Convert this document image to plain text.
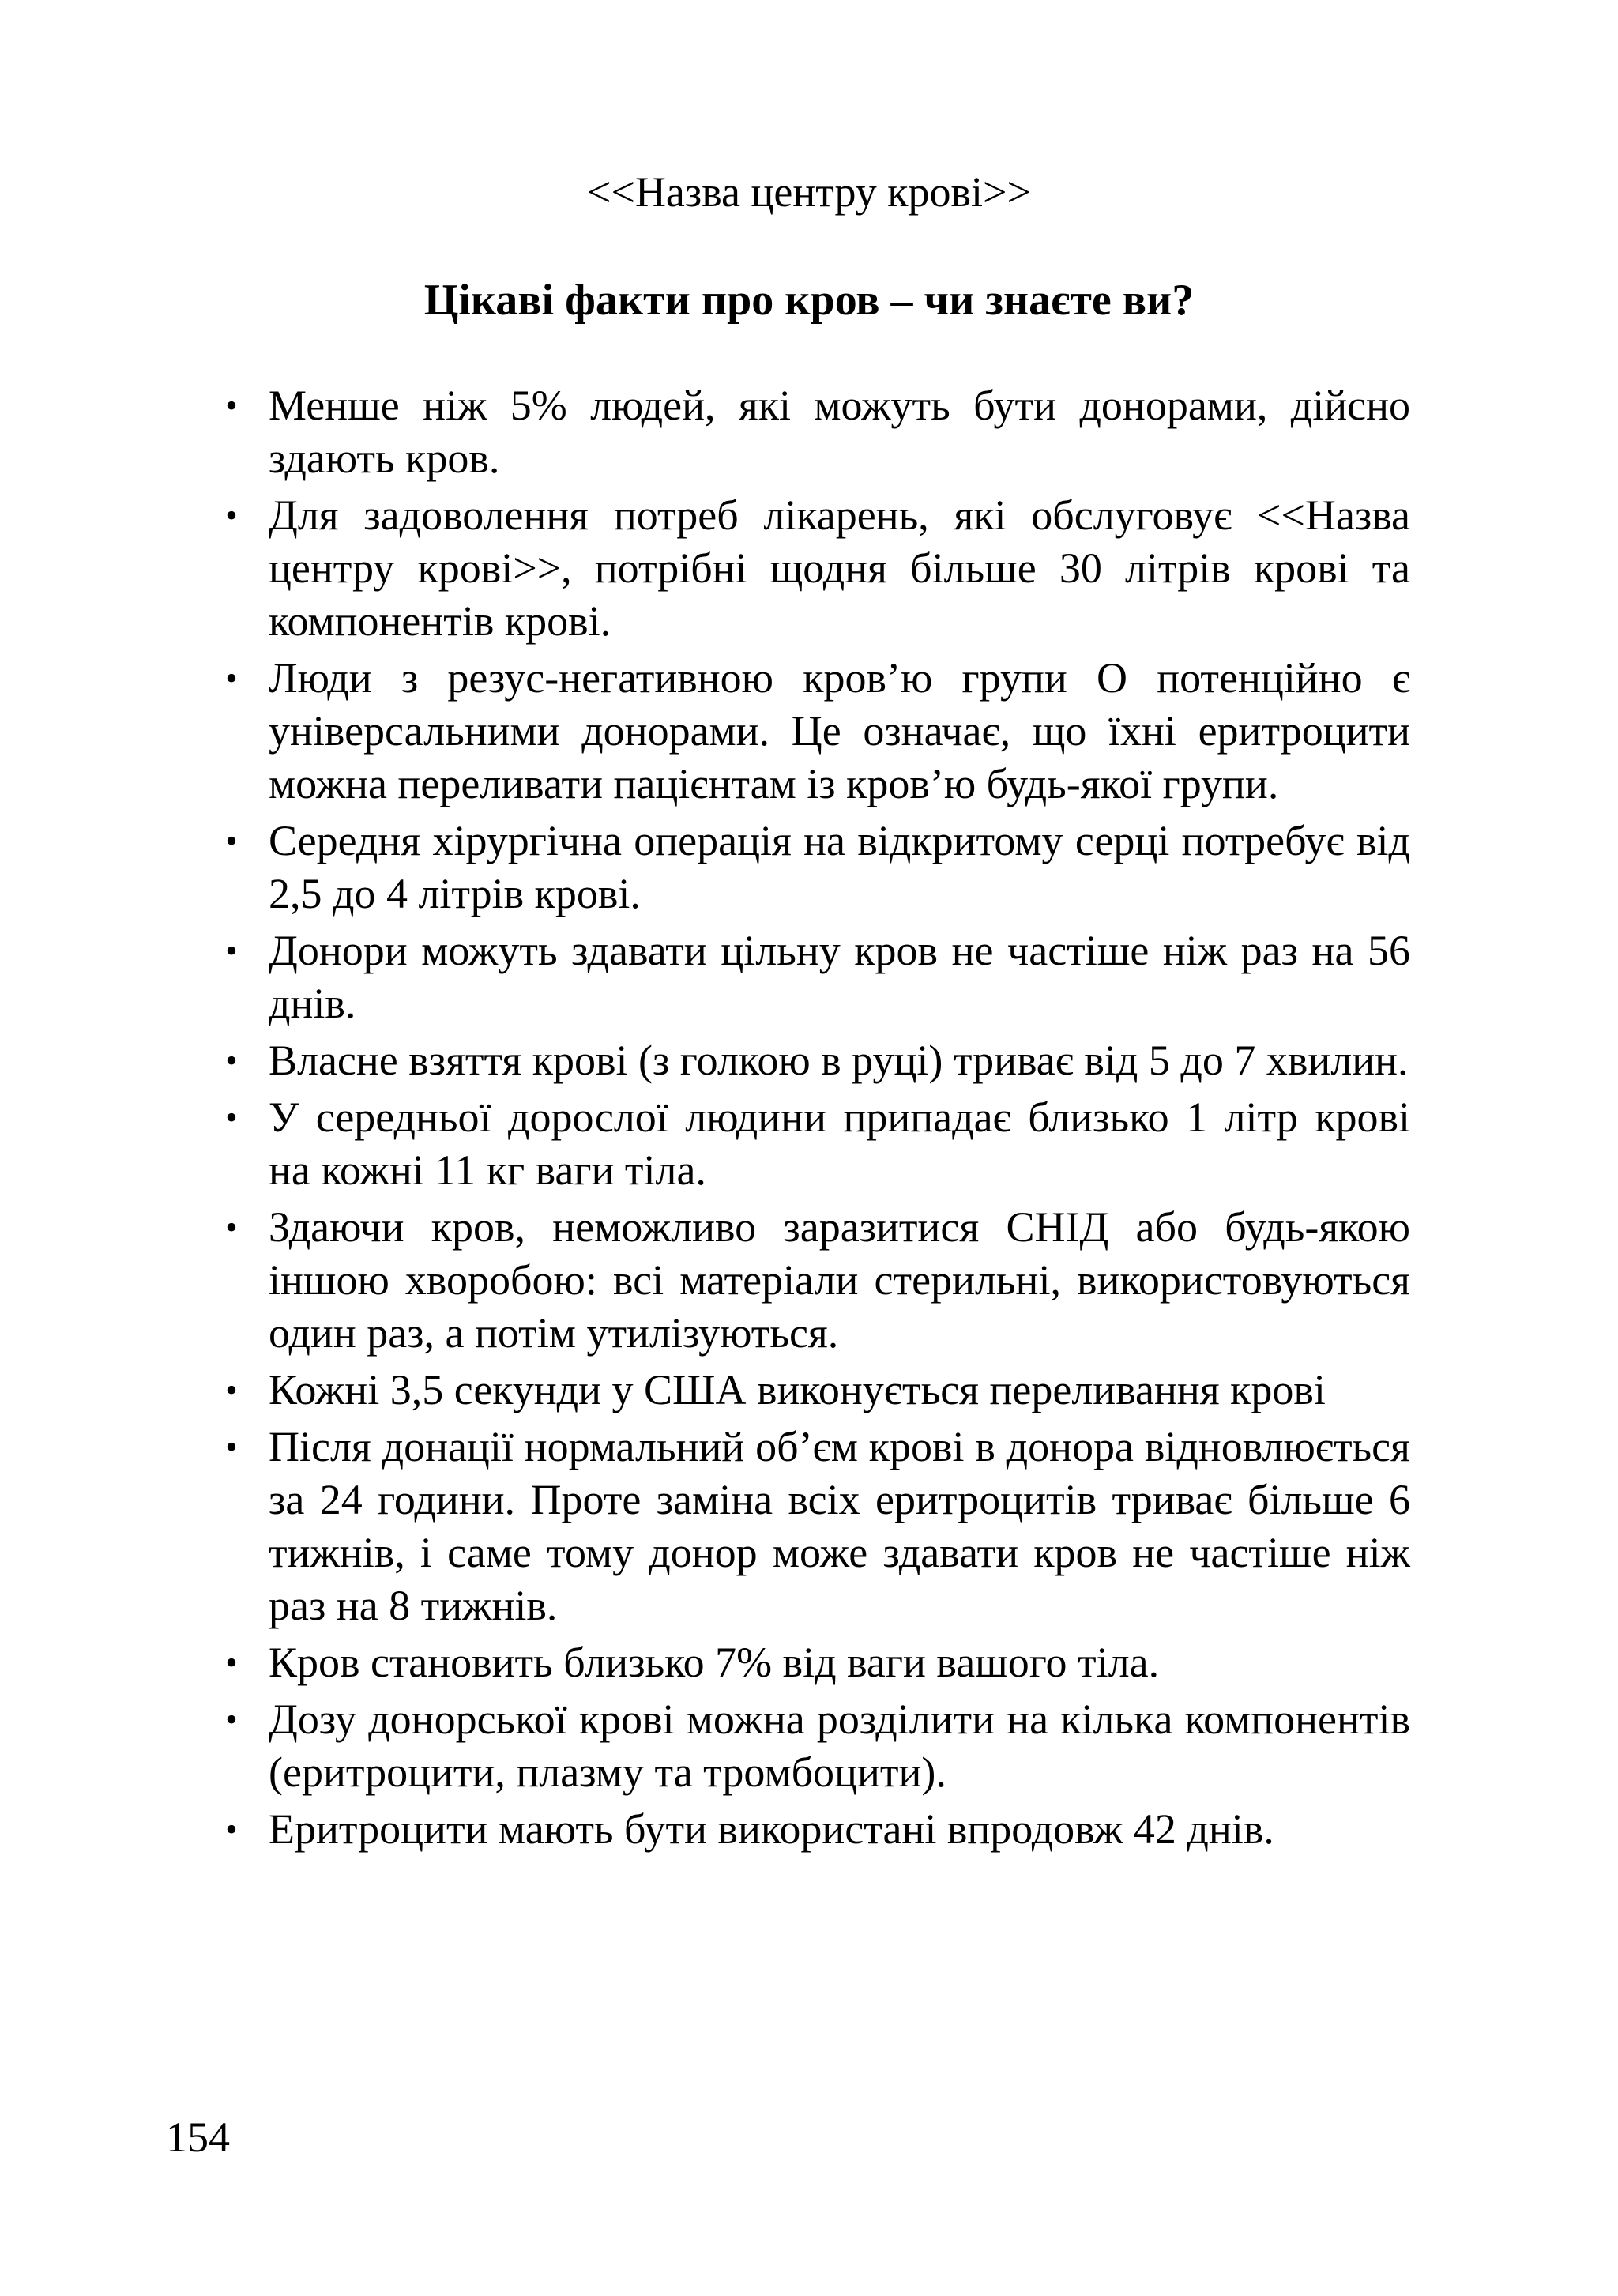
<<Назва центру крові>>
Цікаві факти про кров – чи знаєте ви?
• Менше ніж 5% людей, які можуть бути донорами, дійсно здають кров.
• Для задоволення потреб лікарень, які обслуговує <<Назва центру крові>>, потрібні щодня більше 30 літрів крові та компонентів крові.
• Люди з резус-негативною кров’ю групи O потенційно є універсальними донорами. Це означає, що їхні еритроцити можна переливати пацієнтам із кров’ю будь-якої групи.
• Середня хірургічна операція на відкритому серці потребує від 2,5 до 4 літрів крові.
• Донори можуть здавати цільну кров не частіше ніж раз на 56 днів.
• Власне взяття крові (з голкою в руці) триває від 5 до 7 хвилин.
• У середньої дорослої людини припадає близько 1 літр крові на кожні 11 кг ваги тіла.
• Здаючи кров, неможливо заразитися СНІД або будь-якою іншою хворобою: всі матеріали стерильні, використовуються один раз, а потім утилізуються.
• Кожні 3,5 секунди у США виконується переливання крові
• Після донації нормальний об’єм крові в донора відновлюється за 24 години. Проте заміна всіх еритроцитів триває більше 6 тижнів, і саме тому донор може здавати кров не частіше ніж раз на 8 тижнів.
• Кров становить близько 7% від ваги вашого тіла.
• Дозу донорської крові можна розділити на кілька компонентів (еритроцити, плазму та тромбоцити).
• Еритроцити мають бути використані впродовж 42 днів.
154
